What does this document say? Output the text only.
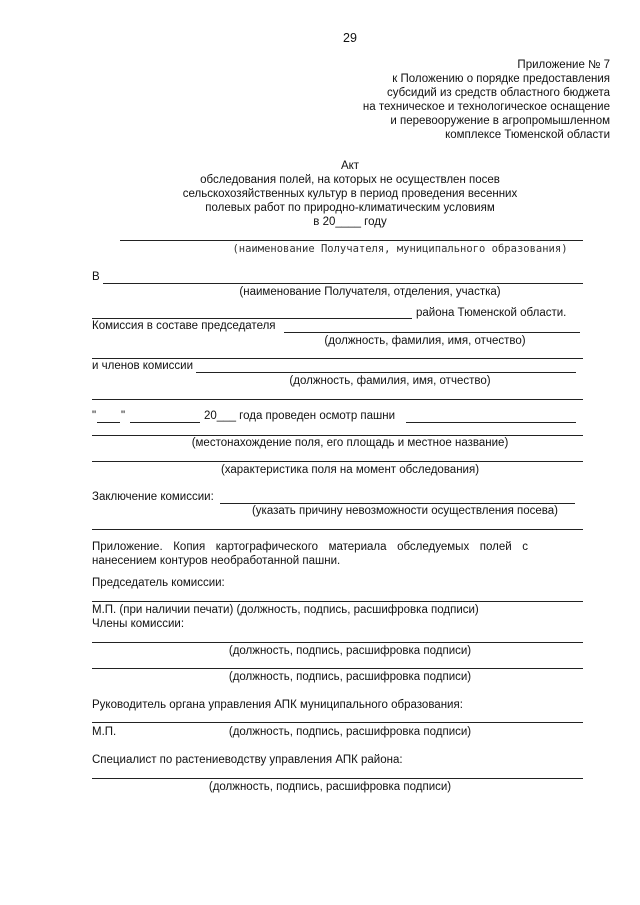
29
Приложение № 7
к Положению о порядке предоставления
субсидий из средств областного бюджета
на техническое и технологическое оснащение
и перевооружение в агропромышленном
комплексе Тюменской области
Акт
обследования полей, на которых не осуществлен посев
сельскохозяйственных культур в период проведения весенних
полевых работ по природно-климатическим условиям
в 20____ году
(наименование Получателя, муниципального образования)
В
(наименование Получателя, отделения, участка)
района Тюменской области.
Комиссия в составе председателя
(должность, фамилия, имя, отчество)
и членов комиссии
(должность, фамилия, имя, отчество)
" "	20___ года проведен осмотр пашни
(местонахождение поля, его площадь и местное название)
(характеристика поля на момент обследования)
Заключение комиссии:
(указать причину невозможности осуществления посева)
Приложение. Копия картографического материала обследуемых полей с
нанесением контуров необработанной пашни.
Председатель комиссии:
М.П. (при наличии печати) (должность, подпись, расшифровка подписи)
Члены комиссии:
(должность, подпись, расшифровка подписи)
(должность, подпись, расшифровка подписи)
Руководитель органа управления АПК муниципального образования:
М.П.	(должность, подпись, расшифровка подписи)
Специалист по растениеводству управления АПК района:
(должность, подпись, расшифровка подписи)
